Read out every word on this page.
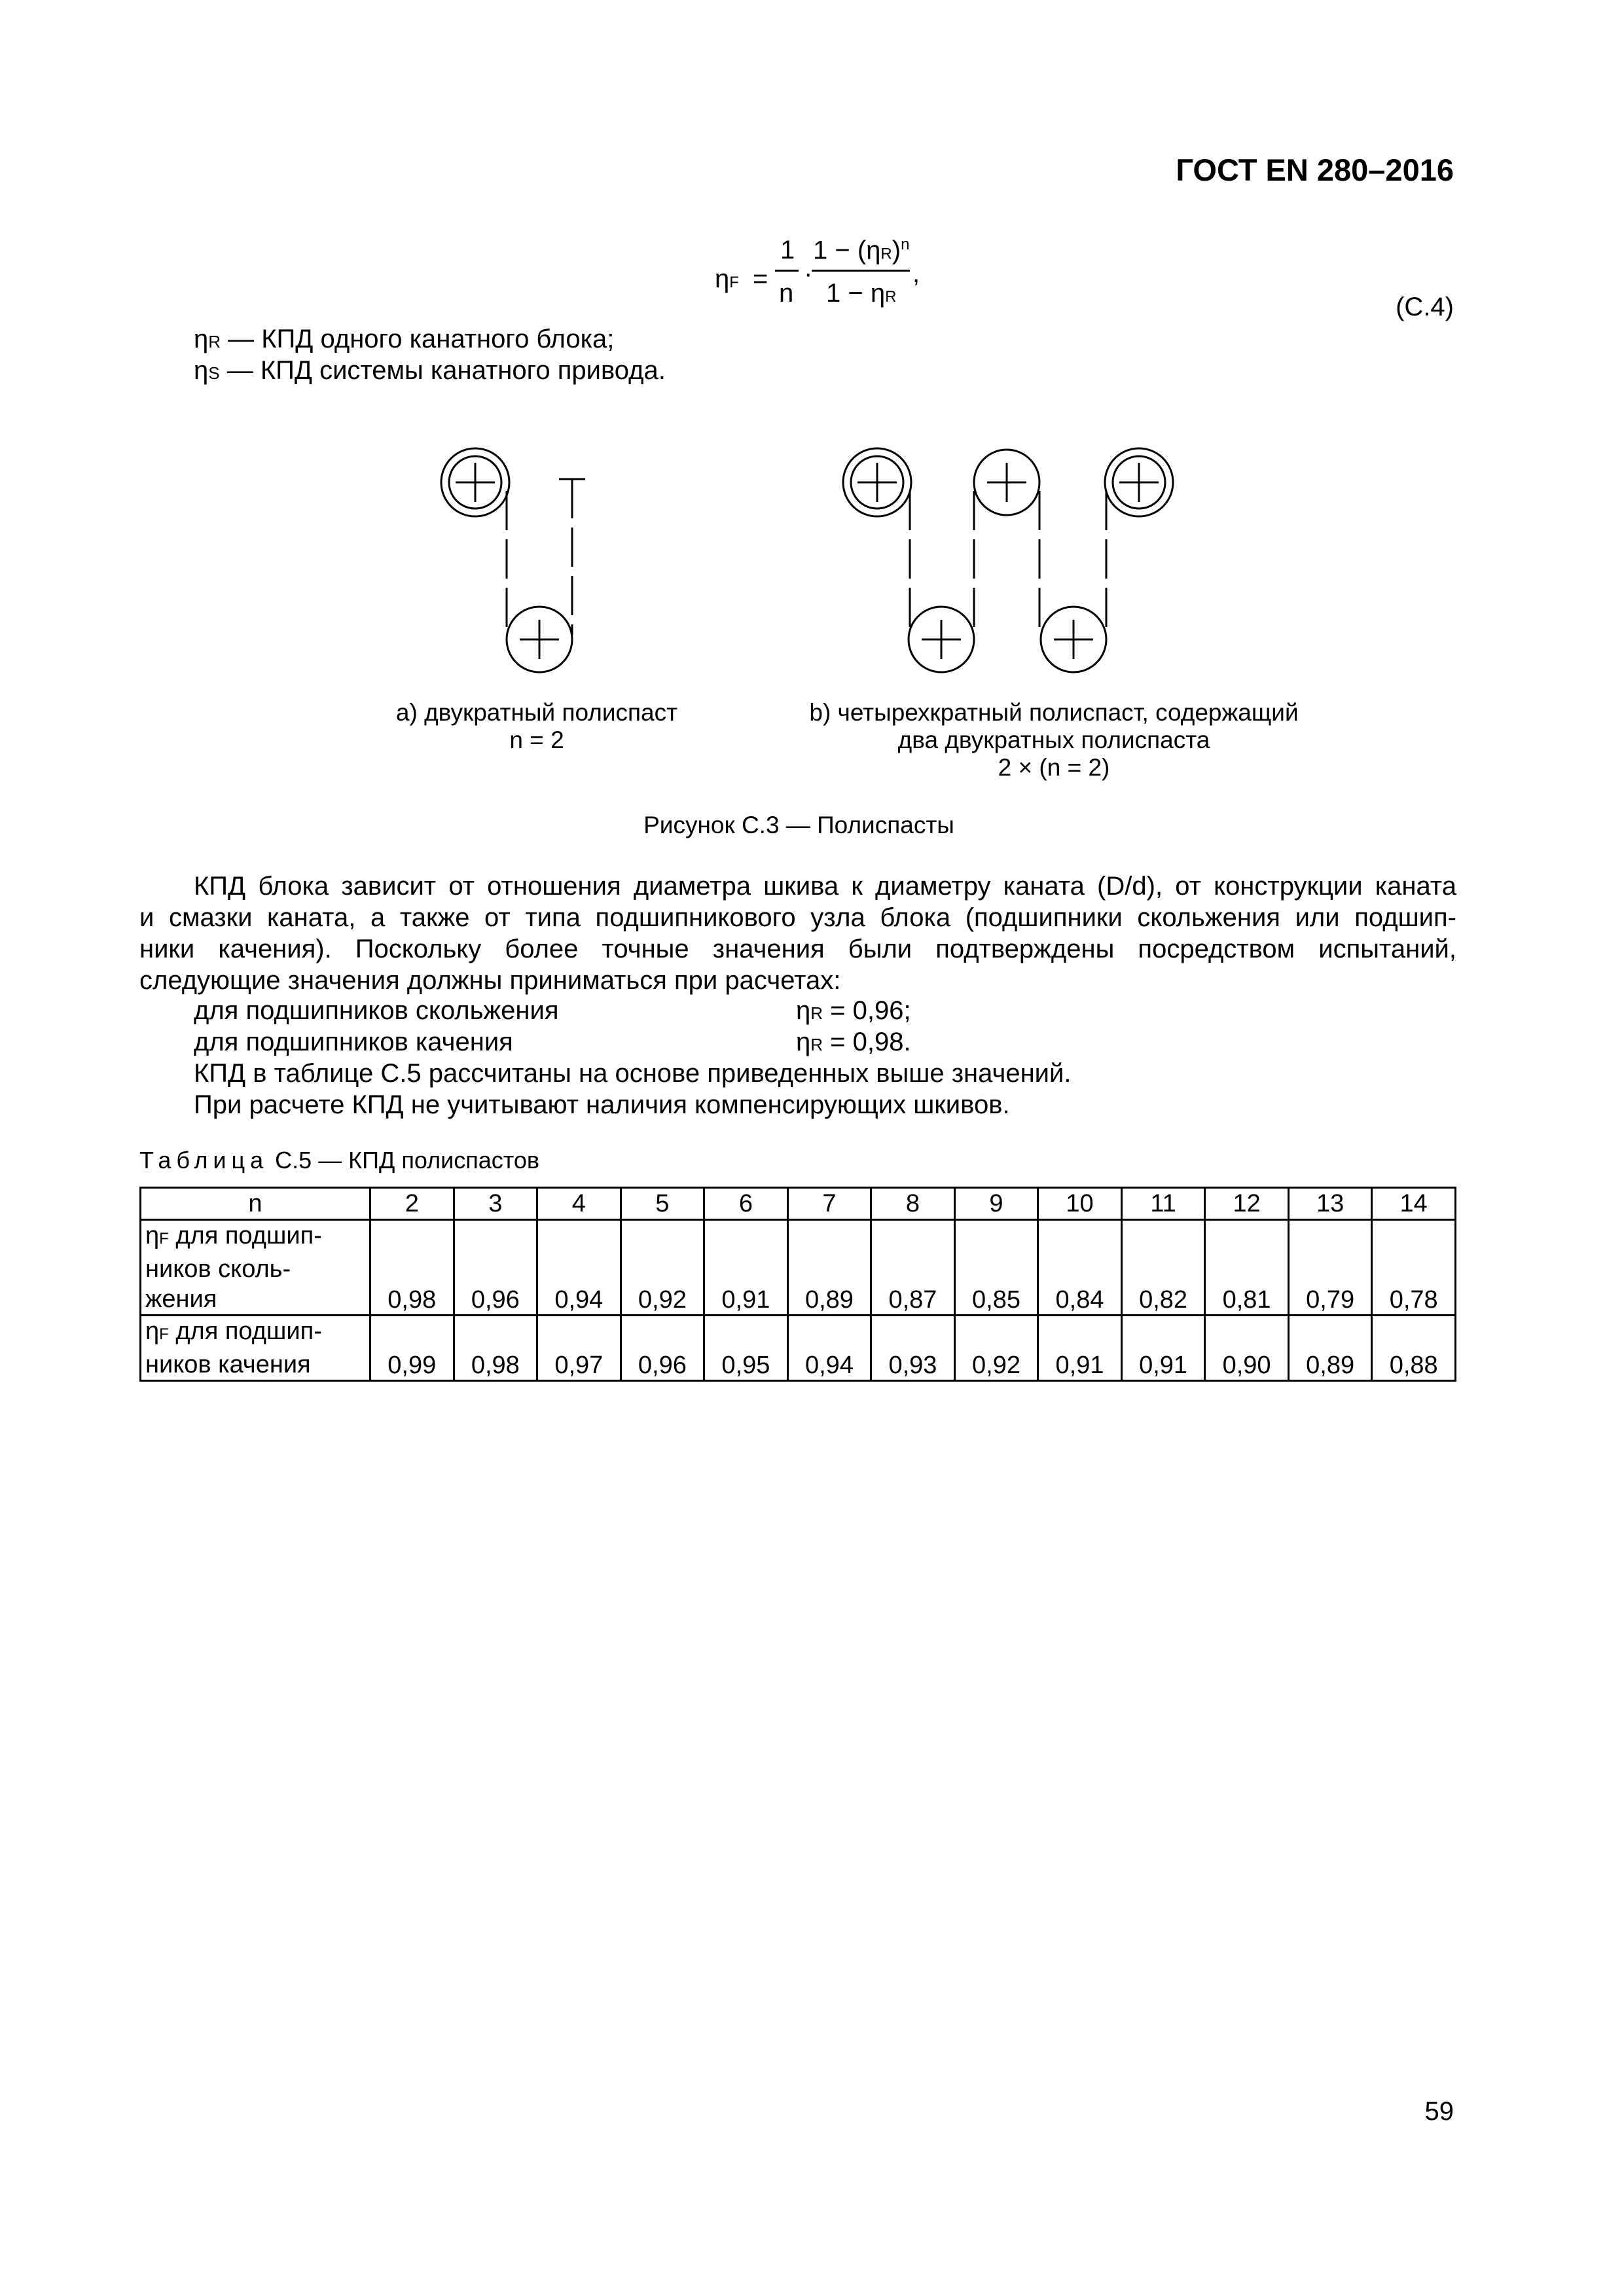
ГОСТ EN 280–2016
ηF =
1
n
·
$1 - (\eta R)^n$
1 − ηR
,
(C.4)
ηR — КПД одного канатного блока;
ηS — КПД системы канатного привода.
a) двукратный полиспаст
n = 2
b) четырехкратный полиспаст, содержащий
два двукратных полиспаста
2 × (n = 2)
Рисунок С.3 — Полиспасты
КПД блока зависит от отношения диаметра шкива к диаметру каната (D/d), от конструкции каната
и смазки каната, а также от типа подшипникового узла блока (подшипники скольжения или подшип-
ники качения). Поскольку более точные значения были подтверждены посредством испытаний,
следующие значения должны приниматься при расчетах:
для подшипников скольжения	ηR = 0,96;
для подшипников качения	ηR = 0,98.
КПД в таблице С.5 рассчитаны на основе приведенных выше значений.
При расчете КПД не учитывают наличия компенсирующих шкивов.
Таблица С.5 — КПД полиспастов
n	2	3	4	5	6	7	8	9	10	11	12	13	14

ηF для подшип-
ников сколь-
жения	0,98	0,96	0,94	0,92	0,91	0,89	0,87	0,85	0,84	0,82	0,81	0,79	0,78

ηF для подшип-
ников качения	0,99	0,98	0,97	0,96	0,95	0,94	0,93	0,92	0,91	0,91	0,90	0,89	0,88
59
